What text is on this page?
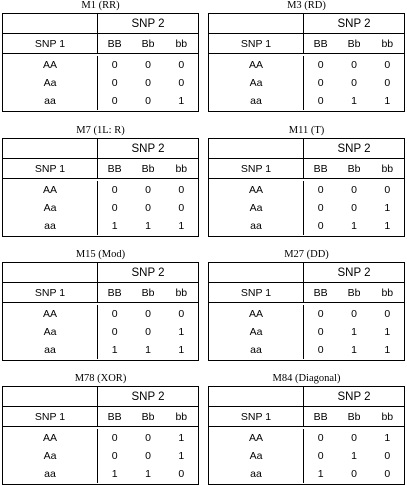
M1 (RR)
SNP 2
SNP 1	BB	Bb	bb
AA	0	0	0
Aa	0	0	0
aa	0	0	1
M3 (RD)
SNP 2
SNP 1	BB	Bb	bb
AA	0	0	0
Aa	0	0	0
aa	0	1	1
M7 (1L: R)
SNP 2
SNP 1	BB	Bb	bb
AA	0	0	0
Aa	0	0	0
aa	1	1	1
M11 (T)
SNP 2
SNP 1	BB	Bb	bb
AA	0	0	0
Aa	0	0	1
aa	0	1	1
M15 (Mod)
SNP 2
SNP 1	BB	Bb	bb
AA	0	0	0
Aa	0	0	1
aa	1	1	1
M27 (DD)
SNP 2
SNP 1	BB	Bb	bb
AA	0	0	0
Aa	0	1	1
aa	0	1	1
M78 (XOR)
SNP 2
SNP 1	BB	Bb	bb
AA	0	0	1
Aa	0	0	1
aa	1	1	0
M84 (Diagonal)
SNP 2
SNP 1	BB	Bb	bb
AA	0	0	1
Aa	0	1	0
aa	1	0	0
